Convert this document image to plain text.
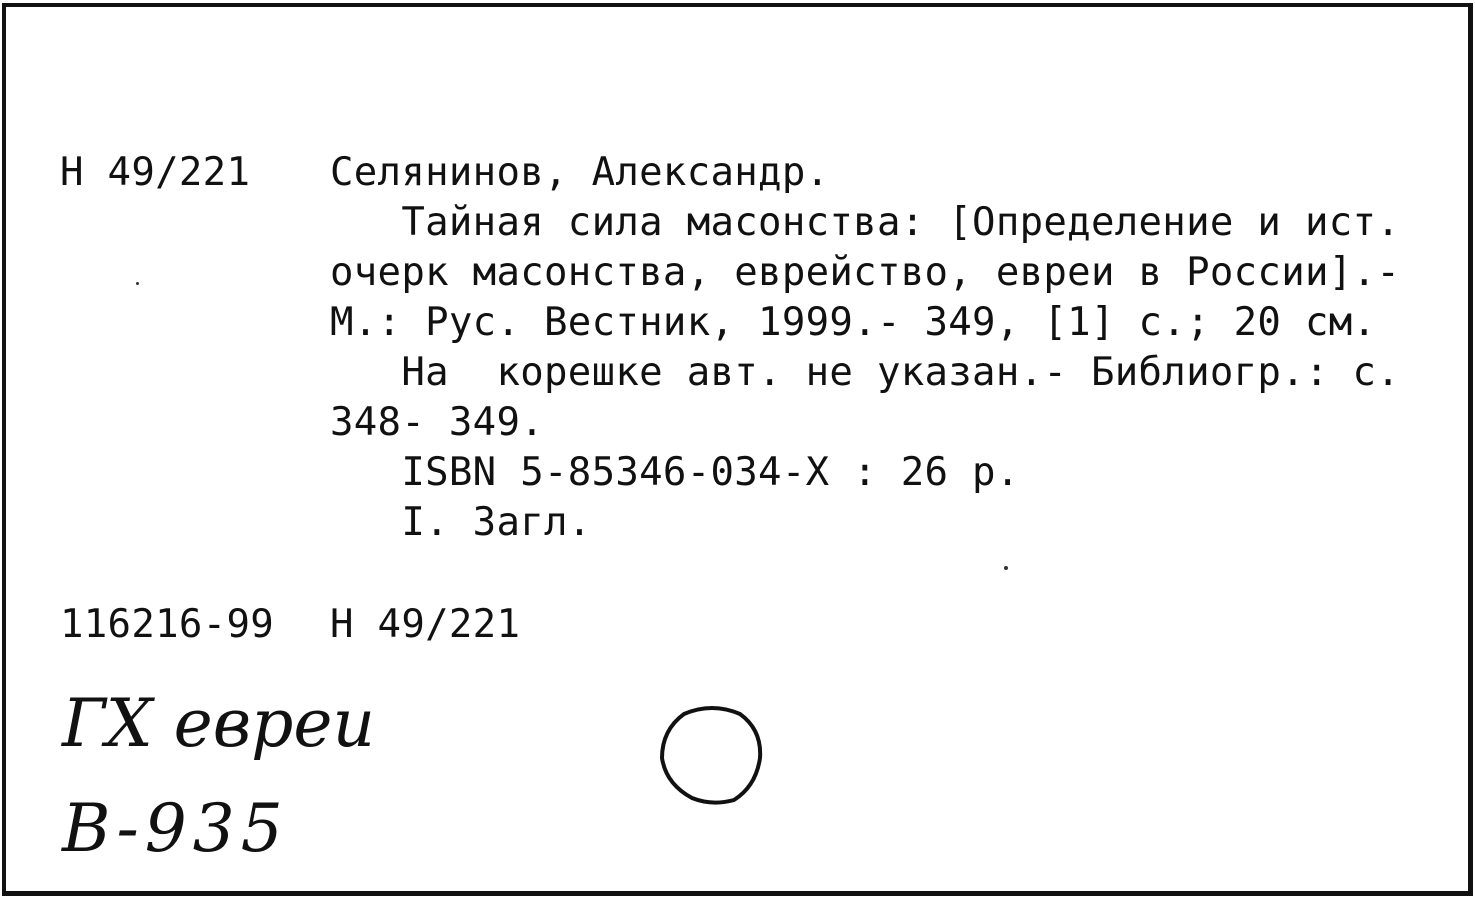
Н 49/221 Селянинов, Александр.
Тайная сила масонства: [Определение и ист.
очерк масонства, еврейство, евреи в России].-
М.: Рус. Вестник, 1999.- 349, [1] с.; 20 см.
На  корешке авт. не указан.- Библиогр.: с.
348- 349.
ISBN 5-85346-034-X : 26 р.
I. Загл.
116216-99 Н 49/221
ГХ евреи
В-935
